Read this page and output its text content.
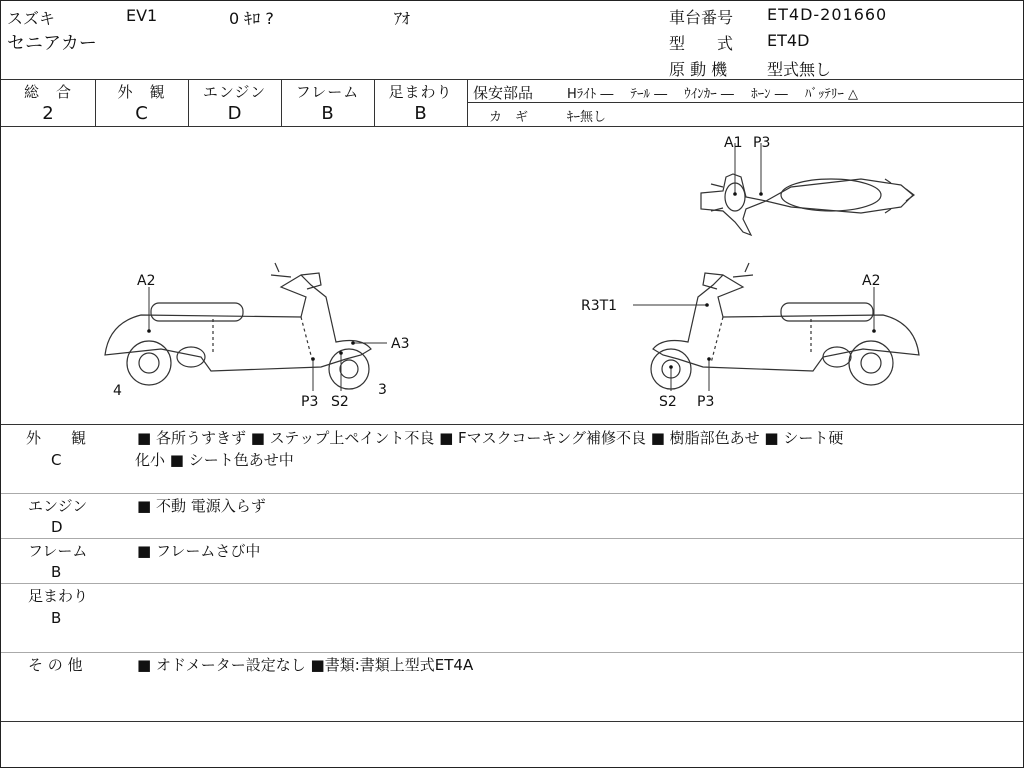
スズキ	EV1	0 ｷﾛ ?	ｱｵ
セニアカー
車台番号 ET4D-201660
型　　式 ET4D
原 動 機 型式無し
総　合
2
外　観
C
エンジン
D
フレーム
B
足まわり
B
保安部品	Hﾗｲﾄ ―　 ﾃｰﾙ ―　 ｳｲﾝｶｰ ―　 ﾎｰﾝ ―　 ﾊﾞｯﾃﾘｰ △
カ　ギ	ｷｰ無し
A1 P3
A2
A3
P3 S2
4	3
R3T1
A2
S2 P3
外　　観
C
■ 各所うすきず ■ ステップ上ペイント不良 ■ Fマスクコーキング補修不良 ■ 樹脂部色あせ ■ シート硬
化小 ■ シート色あせ中
エンジン
D
■ 不動 電源入らず
フレーム
B
■ フレームさび中
足まわり
B
そ の 他	■ オドメーター設定なし ■書類:書類上型式ET4A
